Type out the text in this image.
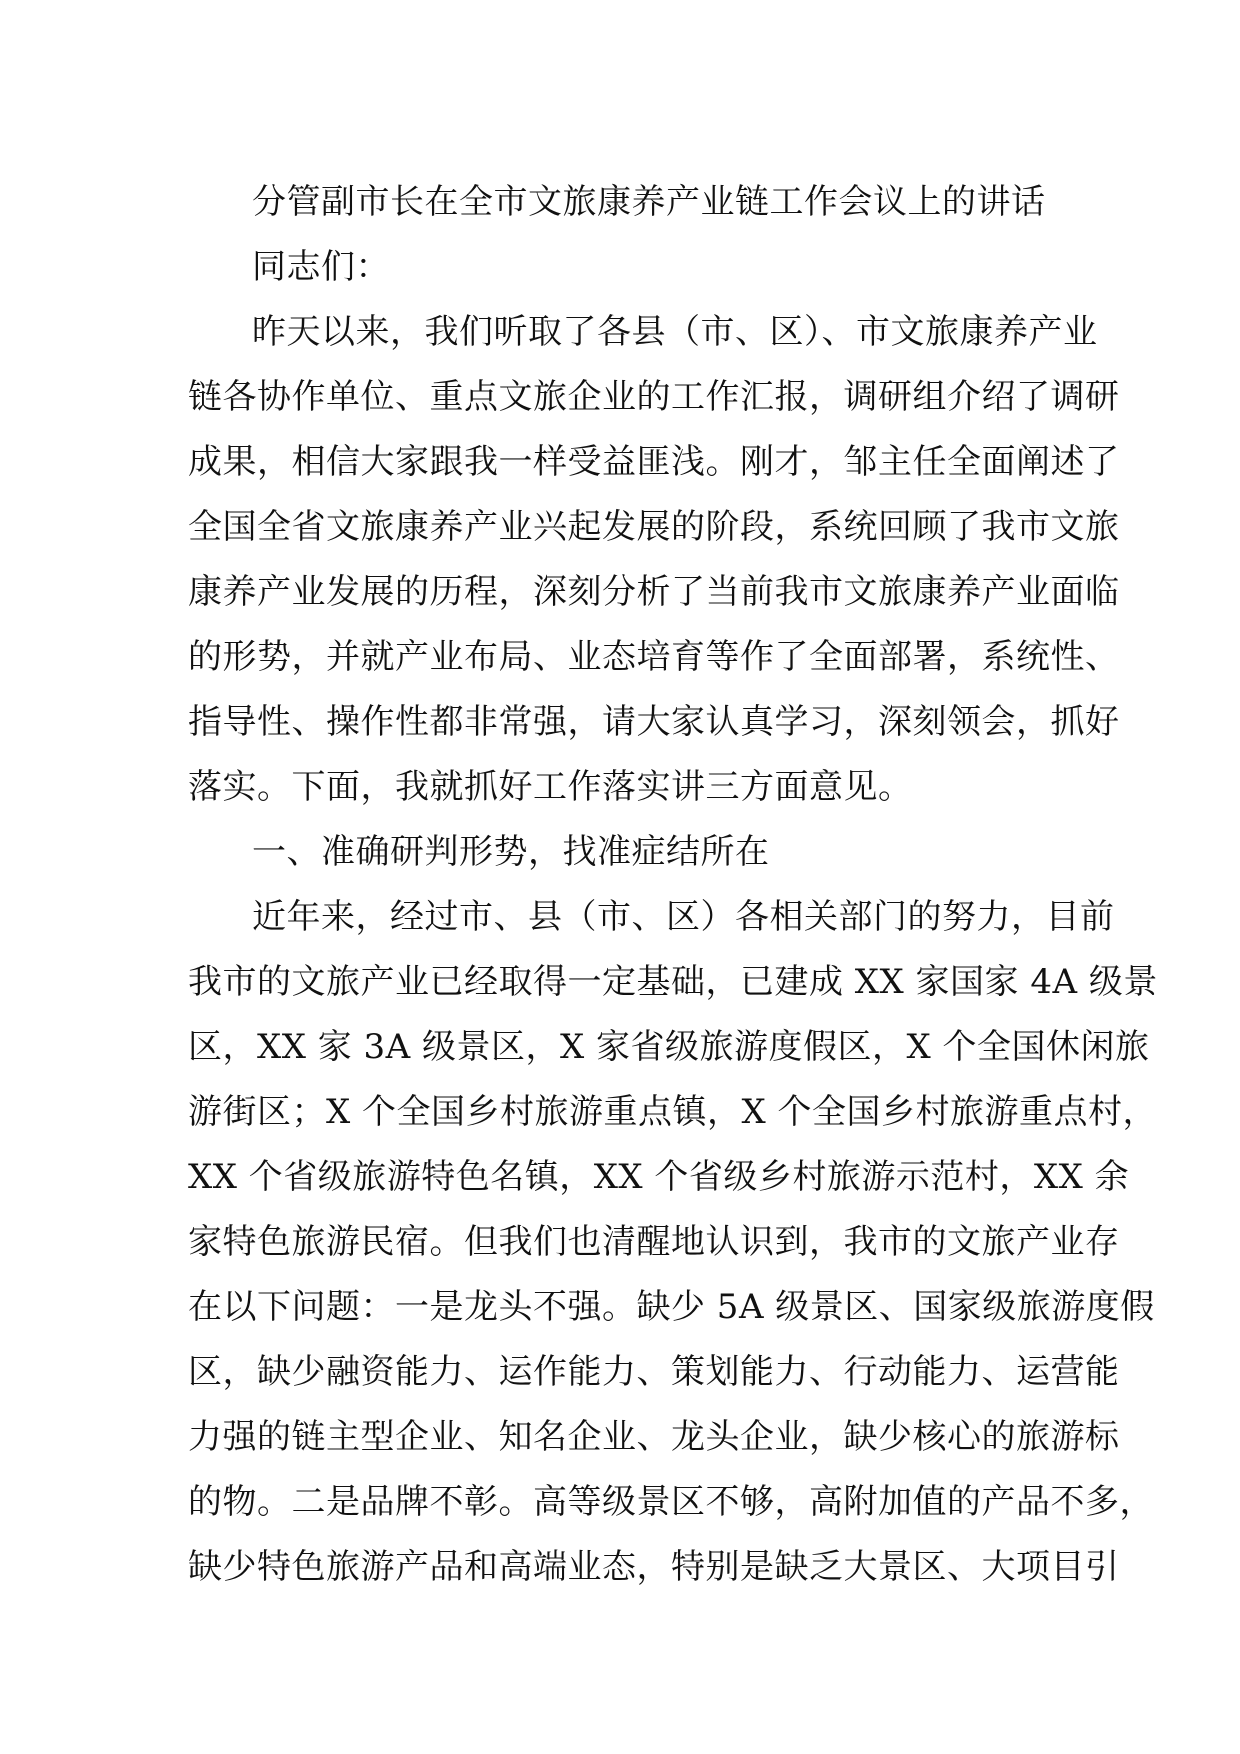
分管副市长在全市文旅康养产业链工作会议上的讲话
同志们：
昨天以来，我们听取了各县（市、区）、市文旅康养产业
链各协作单位、重点文旅企业的工作汇报，调研组介绍了调研
成果，相信大家跟我一样受益匪浅。刚才，邹主任全面阐述了
全国全省文旅康养产业兴起发展的阶段，系统回顾了我市文旅
康养产业发展的历程，深刻分析了当前我市文旅康养产业面临
的形势，并就产业布局、业态培育等作了全面部署，系统性、
指导性、操作性都非常强，请大家认真学习，深刻领会，抓好
落实。下面，我就抓好工作落实讲三方面意见。
一、准确研判形势，找准症结所在
近年来，经过市、县（市、区）各相关部门的努力，目前
我市的文旅产业已经取得一定基础，已建成 XX 家国家 4A 级景
区，XX 家 3A 级景区，X 家省级旅游度假区，X 个全国休闲旅
游街区；X 个全国乡村旅游重点镇，X 个全国乡村旅游重点村，
XX 个省级旅游特色名镇，XX 个省级乡村旅游示范村，XX 余
家特色旅游民宿。但我们也清醒地认识到，我市的文旅产业存
在以下问题：一是龙头不强。缺少 5A 级景区、国家级旅游度假
区，缺少融资能力、运作能力、策划能力、行动能力、运营能
力强的链主型企业、知名企业、龙头企业，缺少核心的旅游标
的物。二是品牌不彰。高等级景区不够，高附加值的产品不多，
缺少特色旅游产品和高端业态，特别是缺乏大景区、大项目引
